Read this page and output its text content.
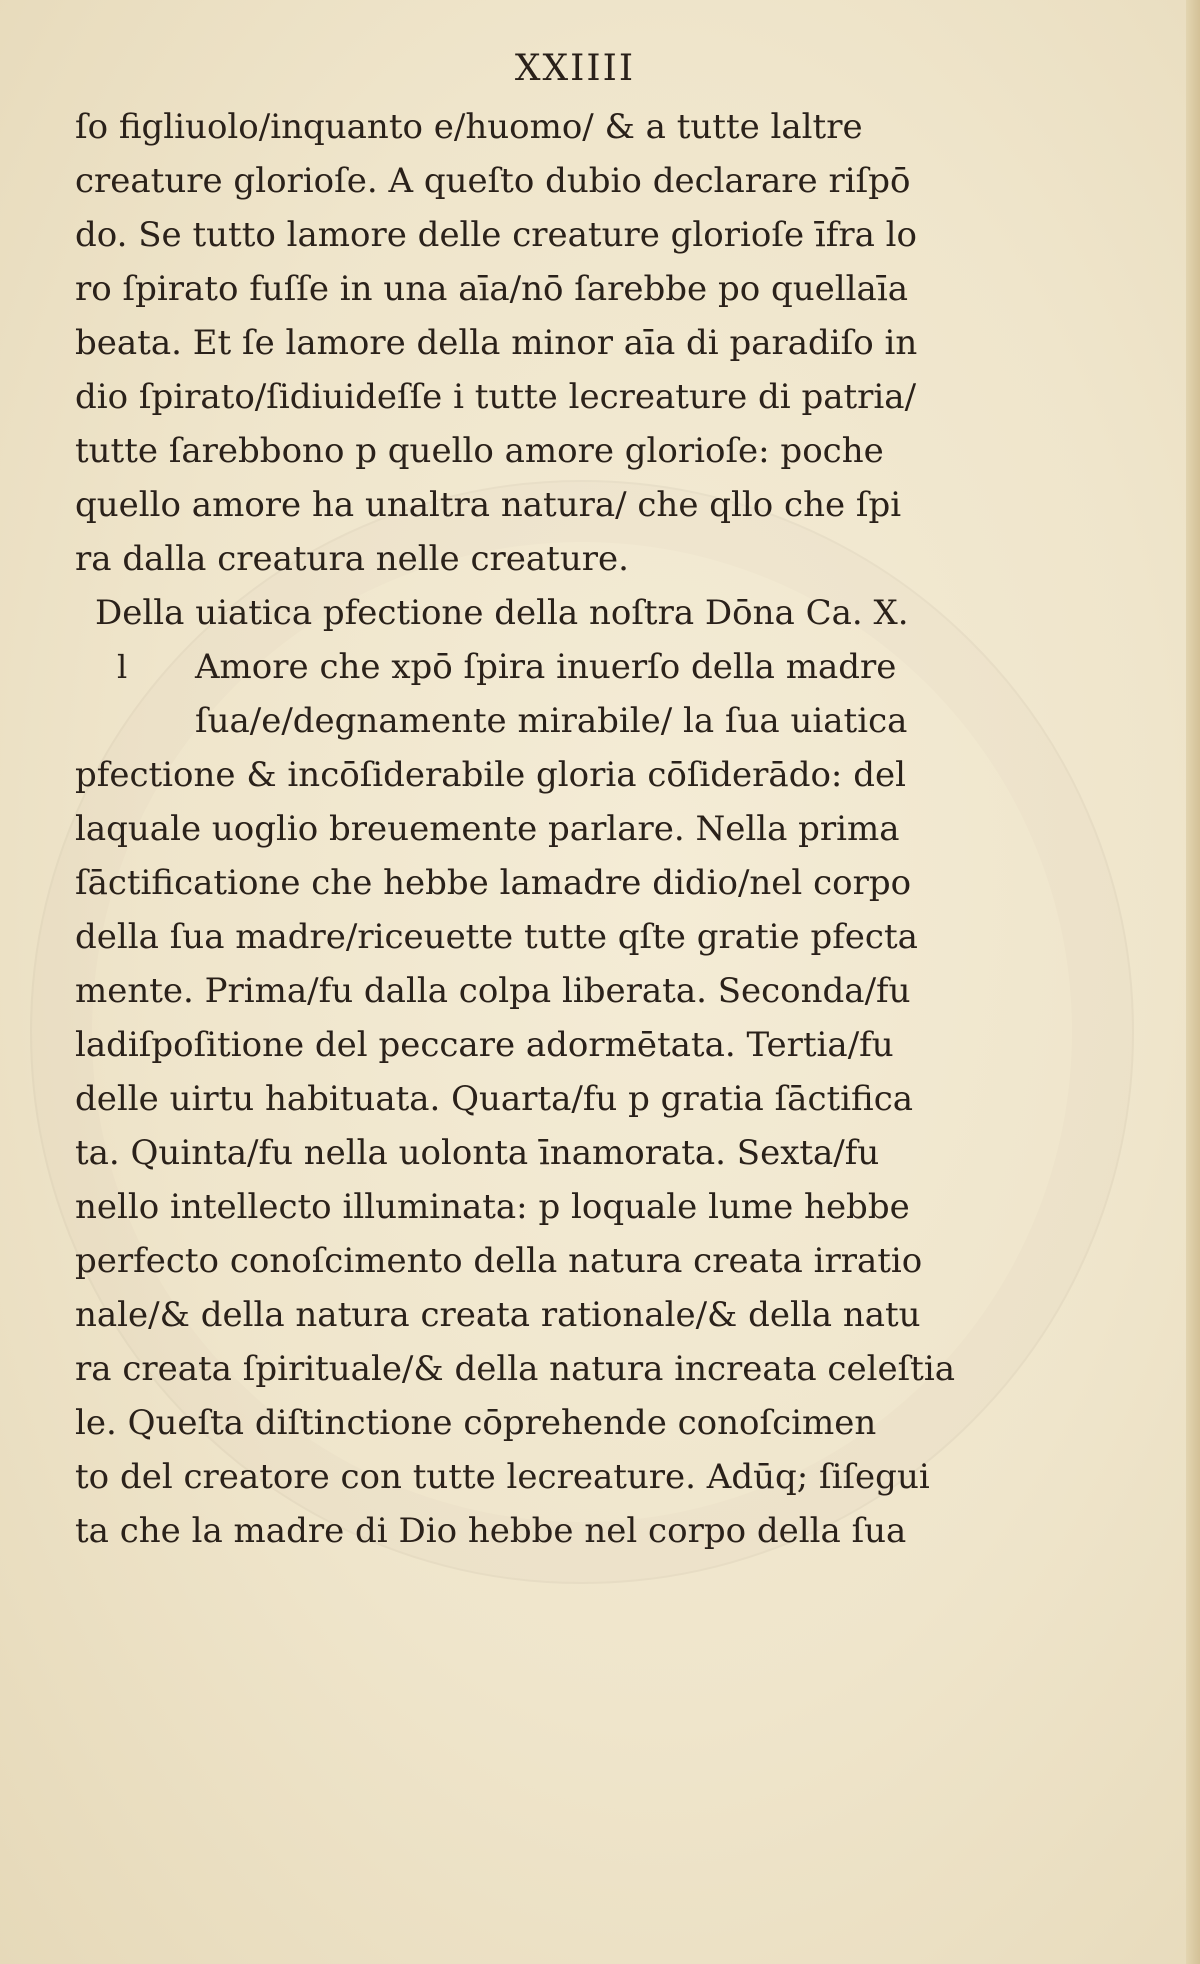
XXIIII
ſo figliuolo/inquanto e/huomo/ & a tutte laltre
creature glorioſe. A queſto dubio declarare riſpō
do. Se tutto lamore delle creature glorioſe īfra lo
ro ſpirato fuſſe in una aīa/nō ſarebbe po quellaīa
beata. Et ſe lamore della minor aīa di paradiſo in
dio ſpirato/ſidiuideſſe i tutte lecreature di patria/
tutte ſarebbono p quello amore glorioſe: poche
quello amore ha unaltra natura/ che qllo che ſpi
ra dalla creatura nelle creature.
Della uiatica pfectione della noſtra Dōna Ca. X.
l Amore che xpō ſpira inuerſo della madre
ſua/e/degnamente mirabile/ la ſua uiatica
pfectione & incōſiderabile gloria cōſiderādo: del
laquale uoglio breuemente parlare. Nella prima
ſāctificatione che hebbe lamadre didio/nel corpo
della ſua madre/riceuette tutte qſte gratie pfecta
mente. Prima/fu dalla colpa liberata. Seconda/fu
ladiſpoſitione del peccare adormētata. Tertia/fu
delle uirtu habituata. Quarta/fu p gratia ſāctifica
ta. Quinta/fu nella uolonta īnamorata. Sexta/fu
nello intellecto illuminata: p loquale lume hebbe
perfecto conoſcimento della natura creata irratio
nale/& della natura creata rationale/& della natu
ra creata ſpirituale/& della natura increata celeſtia
le. Queſta diſtinctione cōprehende conoſcimen
to del creatore con tutte lecreature. Adūq; ſiſegui
ta che la madre di Dio hebbe nel corpo della ſua
